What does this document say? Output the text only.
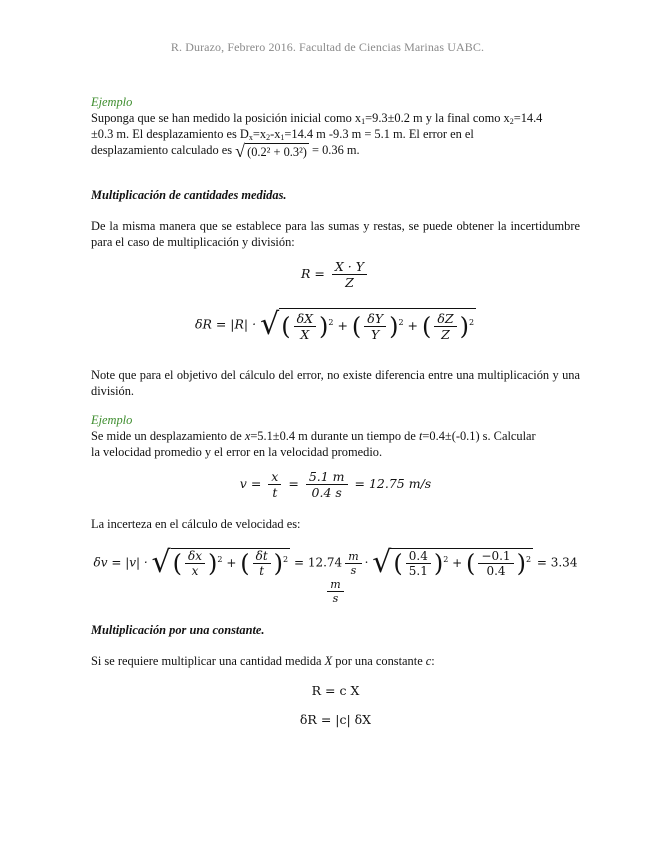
R. Durazo, Febrero 2016. Facultad de Ciencias Marinas UABC.
Ejemplo
Suponga que se han medido la posición inicial como $x_1=9.3\pm 0.2$ m y la final como $x_2=14.4$
±0.3 m. El desplazamiento es $D_x=x_2-x_1=14.4$ m -9.3 m = 5.1 m. El error en el
desplazamiento calculado es √ (0.2² + 0.3²) = 0.36 m.
Multiplicación de cantidades medidas.
De la misma manera que se establece para las sumas y restas, se puede obtener la incertidumbre para el caso de multiplicación y división:
$R = \frac{X \cdot Y}{Z}$
δR = |R| · √( $\frac{\delta X}{X} )^2$ + ( $\frac{\delta Y}{Y} )^2$ + ( $\frac{\delta Z}{Z} )^2$
Note que para el objetivo del cálculo del error, no existe diferencia entre una multiplicación y una división.
Ejemplo
Se mide un desplazamiento de x=5.1±0.4 m durante un tiempo de t=0.4±(-0.1) s. Calcular
la velocidad promedio y el error en la velocidad promedio.
$v = \frac{x}{t} = \frac{5.1 m}{0.4 s} = 12.75$ m/s
La incerteza en el cálculo de velocidad es:
δv = |v| · √( $\frac{\delta x}{x} )^2$ + ( $\frac{\delta t}{t} )^2 = 12.74 \frac{m}{s}$ · √( $\frac{0.4}{5.1} )^2$ + ( $\frac{-0.1}{0.4} )^2 = 3.34$
$\frac{m}{s}$
Multiplicación por una constante.
Si se requiere multiplicar una cantidad medida X por una constante c:
R = c X
δR = |c| δX
